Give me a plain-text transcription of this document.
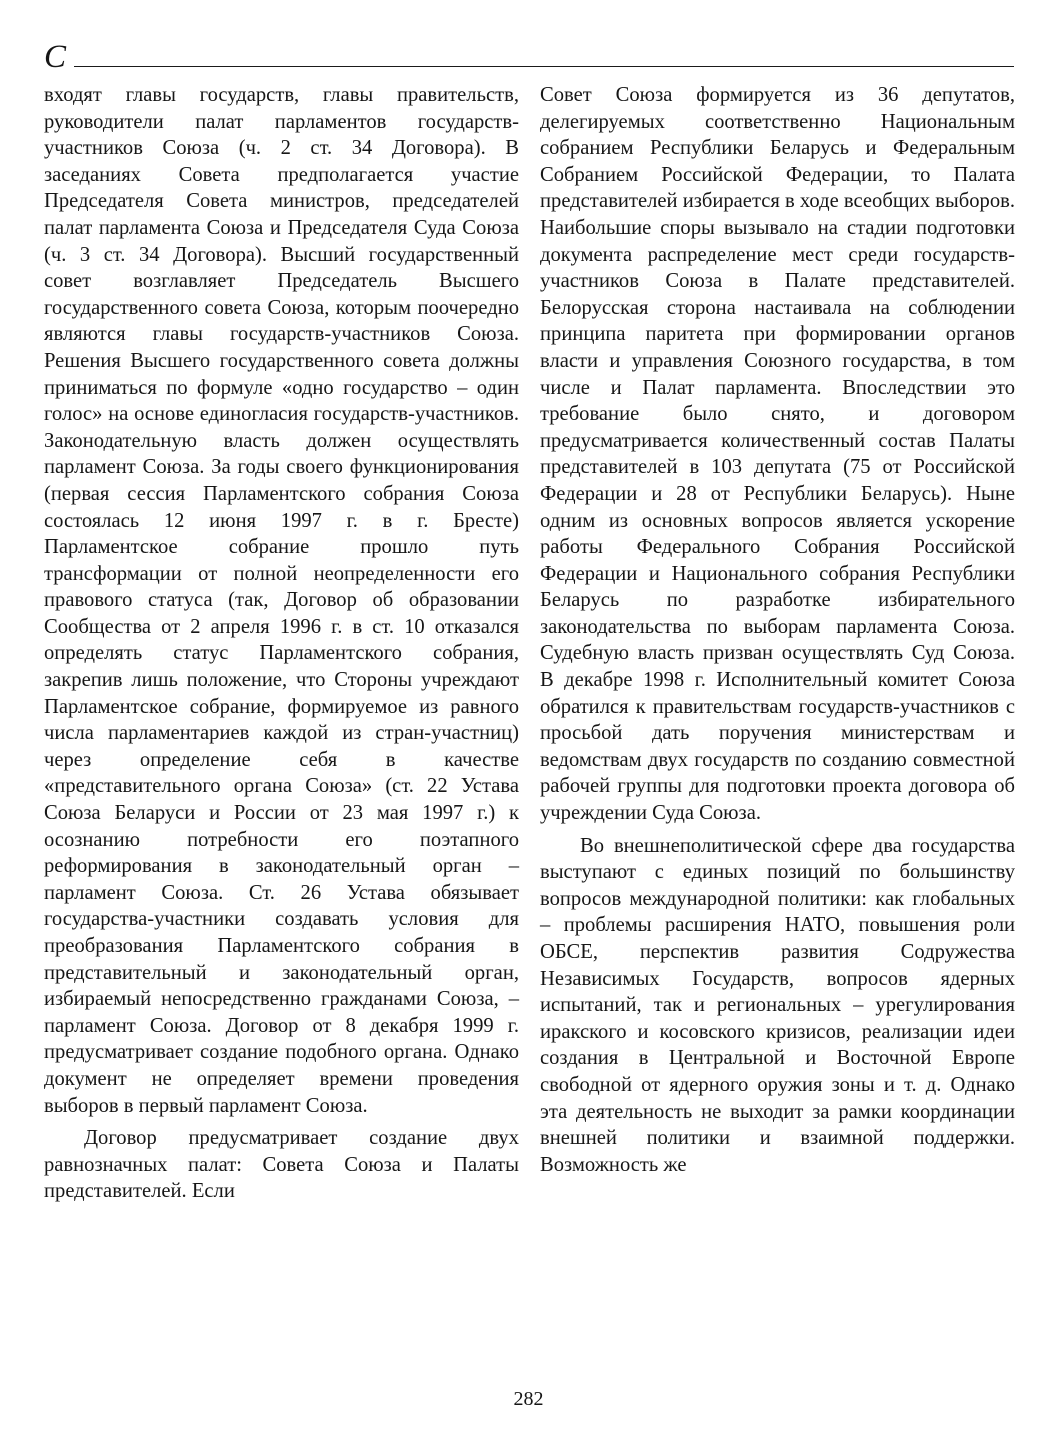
С

входят главы государств, главы правительств, руководители палат парламентов государств-участников Союза (ч. 2 ст. 34 Договора). В заседаниях Совета предполагается участие Председателя Совета министров, председателей палат парламента Союза и Председателя Суда Союза (ч. 3 ст. 34 Договора). Высший государственный совет возглавляет Председатель Высшего государственного совета Союза, которым поочередно являются главы государств-участников Союза. Решения Высшего государственного совета должны приниматься по формуле «одно государство – один голос» на основе единогласия государств-участников. Законодательную власть должен осуществлять парламент Союза. За годы своего функционирования (первая сессия Парламентского собрания Союза состоялась 12 июня 1997 г. в г. Бресте) Парламентское собрание прошло путь трансформации от полной неопределенности его правового статуса (так, Договор об образовании Сообщества от 2 апреля 1996 г. в ст. 10 отказался определять статус Парламентского собрания, закрепив лишь положение, что Стороны учреждают Парламентское собрание, формируемое из равного числа парламентариев каждой из стран-участниц) через определение себя в качестве «представительного органа Союза» (ст. 22 Устава Союза Беларуси и России от 23 мая 1997 г.) к осознанию потребности его поэтапного реформирования в законодательный орган – парламент Союза. Ст. 26 Устава обязывает государства-участники создавать условия для преобразования Парламентского собрания в представительный и законодательный орган, избираемый непосредственно гражданами Союза, – парламент Союза. Договор от 8 декабря 1999 г. предусматривает создание подобного органа. Однако документ не определяет времени проведения выборов в первый парламент Союза.

Договор предусматривает создание двух равнозначных палат: Совета Союза и Палаты представителей. Если

Совет Союза формируется из 36 депутатов, делегируемых соответственно Национальным собранием Республики Беларусь и Федеральным Собранием Российской Федерации, то Палата представителей избирается в ходе всеобщих выборов. Наибольшие споры вызывало на стадии подготовки документа распределение мест среди государств-участников Союза в Палате представителей. Белорусская сторона настаивала на соблюдении принципа паритета при формировании органов власти и управления Союзного государства, в том числе и Палат парламента. Впоследствии это требование было снято, и договором предусматривается количественный состав Палаты представителей в 103 депутата (75 от Российской Федерации и 28 от Республики Беларусь). Ныне одним из основных вопросов является ускорение работы Федерального Собрания Российской Федерации и Национального собрания Республики Беларусь по разработке избирательного законодательства по выборам парламента Союза. Судебную власть призван осуществлять Суд Союза. В декабре 1998 г. Исполнительный комитет Союза обратился к правительствам государств-участников с просьбой дать поручения министерствам и ведомствам двух государств по созданию совместной рабочей группы для подготовки проекта договора об учреждении Суда Союза.

Во внешнеполитической сфере два государства выступают с единых позиций по большинству вопросов международной политики: как глобальных – проблемы расширения НАТО, повышения роли ОБСЕ, перспектив развития Содружества Независимых Государств, вопросов ядерных испытаний, так и региональных – урегулирования иракского и косовского кризисов, реализации идеи создания в Центральной и Восточной Европе свободной от ядерного оружия зоны и т. д. Однако эта деятельность не выходит за рамки координации внешней политики и взаимной поддержки. Возможность же

282
